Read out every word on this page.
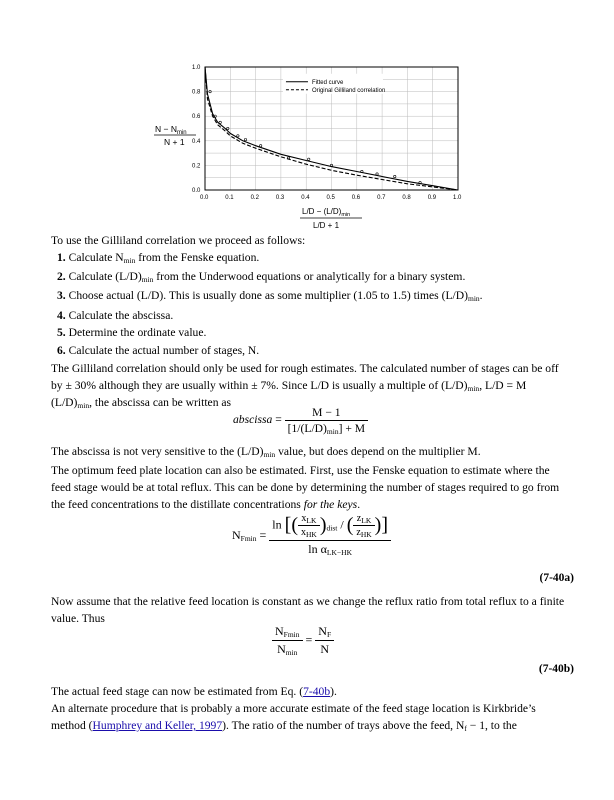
0.0	0.1	0.2	0.3	0.4	0.5	0.6	0.7	0.8	0.9	1.0
0.0
0.2
0.4
0.6
0.8
1.0
Fitted curve
Original Gilliland correlation
$N - N_{min}$
N + 1
$L/D - (L/D)_{min}$
L/D + 1
To use the Gilliland correlation we proceed as follows:
1. Calculate $N_{min}$ from the Fenske equation.
2. Calculate $(L/D)_{min}$ from the Underwood equations or analytically for a binary system.
3. Choose actual (L/D). This is usually done as some multiplier (1.05 to 1.5) times $(L/D)_{min}$.
4. Calculate the abscissa.
5. Determine the ordinate value.
6. Calculate the actual number of stages, N.
The Gilliland correlation should only be used for rough estimates. The calculated number of stages can be off by ± 30% although they are usually within ± 7%. Since L/D is usually a multiple of $(L/D)_{min}$, L/D = M $(L/D)_{min}$, the abscissa can be written as
abscissa = $\frac{M - 1}{[1/(L/D)_{min}] + M}$
The abscissa is not very sensitive to the $(L/D)_{min}$ value, but does depend on the multiplier M.
The optimum feed plate location can also be estimated. First, use the Fenske equation to estimate where the feed stage would be at total reflux. This can be done by determining the number of stages required to go from the feed concentrations to the distillate concentrations for the keys.
$N_{Fmin} = \frac{\ln [( \frac{x_{LK}}{x_{HK}} )_{dist} / ( \frac{z_{LK}}{z_{HK}} )]}{\ln \alpha_{LK-HK}}$
(7-40a)
Now assume that the relative feed location is constant as we change the reflux ratio from total reflux to a finite value. Thus
$\frac{N_{Fmin}}{N_{min}} = \frac{N_F}{N}$
(7-40b)
The actual feed stage can now be estimated from Eq. (7-40b).
An alternate procedure that is probably a more accurate estimate of the feed stage location is Kirkbride’s method (Humphrey and Keller, 1997). The ratio of the number of trays above the feed, $N_f - 1$, to the
